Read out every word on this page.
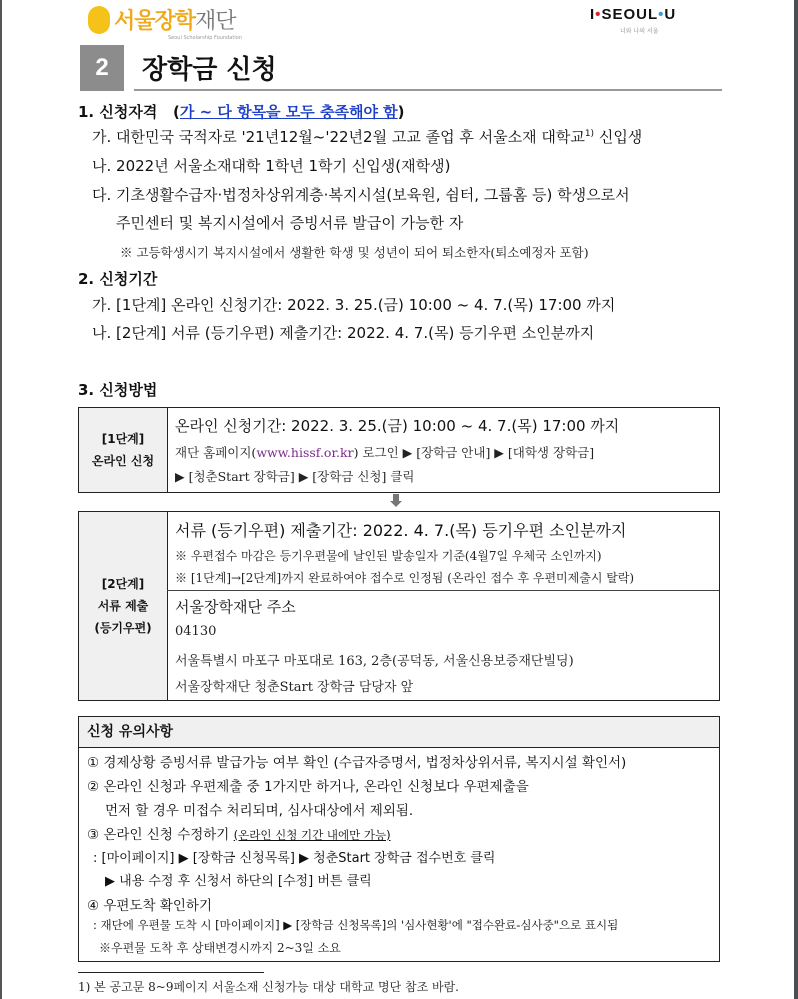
서울장학재단
Seoul Scholarship Foundation
I•SEOUL•U
너와 나의 서울
2	장학금 신청
1. 신청자격 (가 ~ 다 항목을 모두 충족해야 함)
가. 대한민국 국적자로 '21년12월~'22년2월 고교 졸업 후 서울소재 대학교$^{1)}$ 신입생
나. 2022년 서울소재대학 1학년 1학기 신입생(재학생)
다. 기초생활수급자·법정차상위계층·복지시설(보육원, 쉼터, 그룹홈 등) 학생으로서
주민센터 및 복지시설에서 증빙서류 발급이 가능한 자
※ 고등학생시기 복지시설에서 생활한 학생 및 성년이 되어 퇴소한자(퇴소예정자 포함)
2. 신청기간
가. [1단계] 온라인 신청기간: 2022. 3. 25.(금) 10:00 ~ 4. 7.(목) 17:00 까지
나. [2단계] 서류 (등기우편) 제출기간: 2022. 4. 7.(목) 등기우편 소인분까지
3. 신청방법
[1단계]
온라인 신청
온라인 신청기간: 2022. 3. 25.(금) 10:00 ~ 4. 7.(목) 17:00 까지
재단 홈페이지(www.hissf.or.kr) 로그인 ▶ [장학금 안내] ▶ [대학생 장학금]
▶ [청춘Start 장학금] ▶ [장학금 신청] 클릭
[2단계]
서류 제출
(등기우편)
서류 (등기우편) 제출기간: 2022. 4. 7.(목) 등기우편 소인분까지
※ 우편접수 마감은 등기우편물에 날인된 발송일자 기준(4월7일 우체국 소인까지)
※ [1단계]→[2단계]까지 완료하여야 접수로 인정됨 (온라인 접수 후 우편미제출시 탈락)
서울장학재단 주소
04130
서울특별시 마포구 마포대로 163, 2층(공덕동, 서울신용보증재단빌딩)
서울장학재단 청춘Start 장학금 담당자 앞
신청 유의사항
① 경제상황 증빙서류 발급가능 여부 확인 (수급자증명서, 법정차상위서류, 복지시설 확인서)
② 온라인 신청과 우편제출 중 1가지만 하거나, 온라인 신청보다 우편제출을
먼저 할 경우 미접수 처리되며, 심사대상에서 제외됨.
③ 온라인 신청 수정하기 (온라인 신청 기간 내에만 가능)
: [마이페이지] ▶ [장학금 신청목록] ▶ 청춘Start 장학금 접수번호 클릭
▶ 내용 수정 후 신청서 하단의 [수정] 버튼 클릭
④ 우편도착 확인하기
: 재단에 우편물 도착 시 [마이페이지] ▶ [장학금 신청목록]의 '심사현황'에 "접수완료-심사중"으로 표시됨
※우편물 도착 후 상태변경시까지 2~3일 소요
1) 본 공고문 8~9페이지 서울소재 신청가능 대상 대학교 명단 참조 바람.
